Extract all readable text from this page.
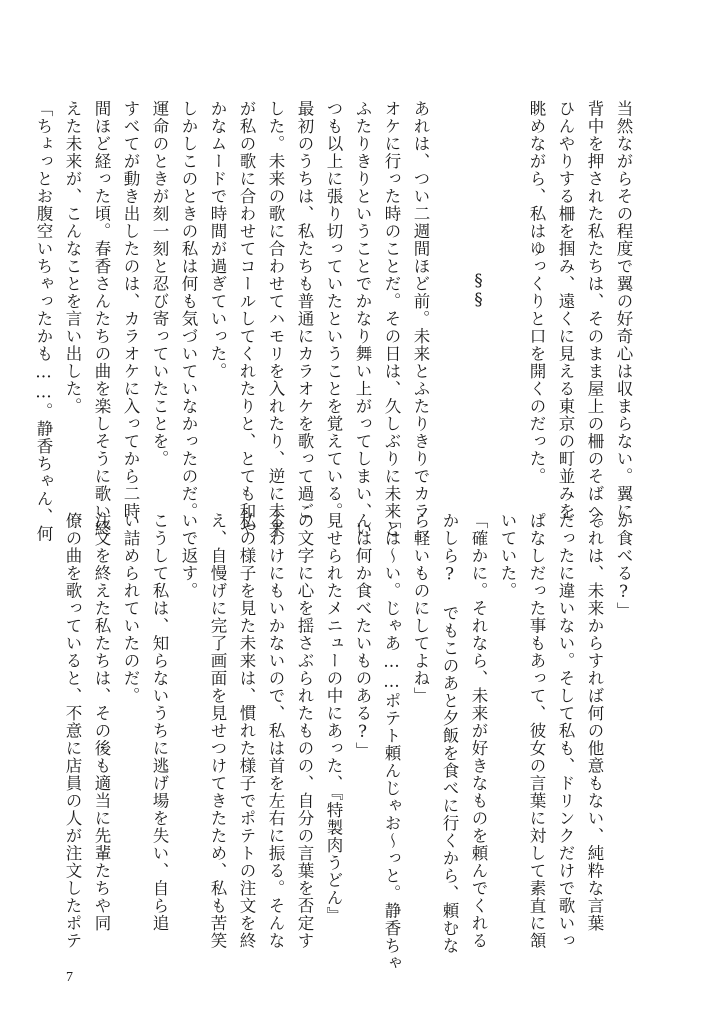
当然ながらその程度で翼の好奇心は収まらない。翼に
背中を押された私たちは、そのまま屋上の柵のそばへ。
ひんやりする柵を掴み、遠くに見える東京の町並みを
眺めながら、私はゆっくりと口を開くのだった。

§§

あれは、つい二週間ほど前。未来とふたりきりでカラ
オケに行った時のことだ。その日は、久しぶりに未来と
ふたりきりということでかなり舞い上がってしまい、い
つも以上に張り切っていたということを覚えている。
最初のうちは、私たちも普通にカラオケを歌って過ご
した。未来の歌に合わせてハモリを入れたり、逆に未来
が私の歌に合わせてコールしてくれたりと、とても和や
かなムードで時間が過ぎていった。
しかしこのときの私は何も気づいていなかったのだ。
運命のときが刻一刻と忍び寄っていたことを。
すべてが動き出したのは、カラオケに入ってから二時
間ほど経った頃。春香さんたちの曲を楽しそうに歌い終
えた未来が、こんなことを言い出した。
「ちょっとお腹空いちゃったかも……。静香ちゃん、何
か食べる?」
それは、未来からすれば何の他意もない、純粋な言葉
だったに違いない。そして私も、ドリンクだけで歌いっ
ぱなしだった事もあって、彼女の言葉に対して素直に頷
いていた。
「確かに。それなら、未来が好きなものを頼んでくれる
かしら? でもこのあと夕飯を食べに行くから、頼むな
ら軽いものにしてよね」
「は〜い。じゃあ……ポテト頼んじゃお〜っと。静香ちゃ
んは何か食べたいものある?」
見せられたメニューの中にあった、『特製肉うどん』
の文字に心を揺さぶられたものの、自分の言葉を否定す
るわけにもいかないので、私は首を左右に振る。そんな
私の様子を見た未来は、慣れた様子でポテトの注文を終
え、自慢げに完了画面を見せつけてきたため、私も苦笑
いで返す。
こうして私は、知らないうちに逃げ場を失い、自ら追
い詰められていたのだ。
注文を終えた私たちは、その後も適当に先輩たちや同
僚の曲を歌っていると、不意に店員の人が注文したポテ
7
